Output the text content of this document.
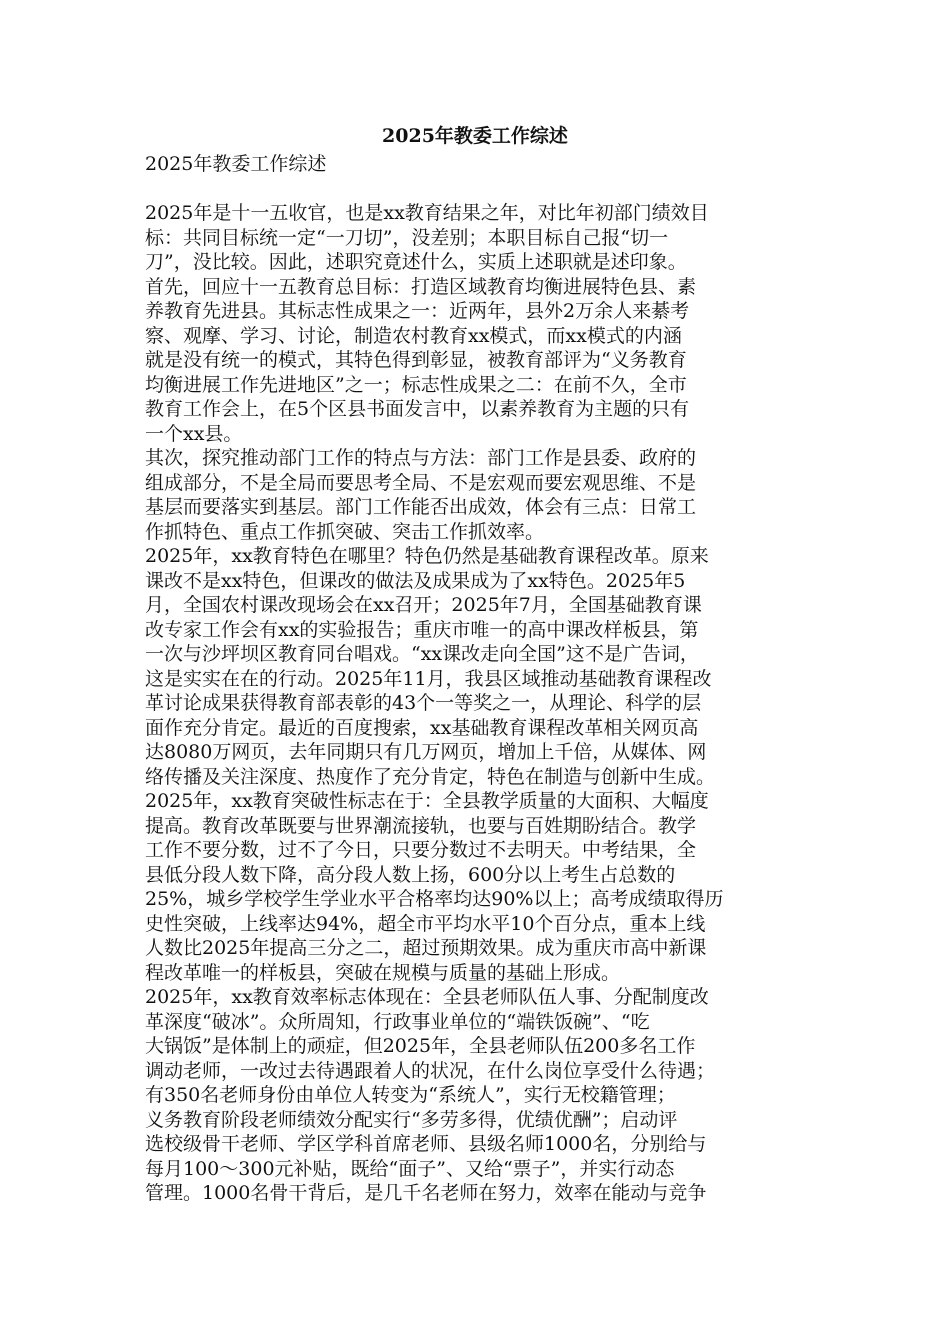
2025年教委工作综述
2025年教委工作综述
2025年是十一五收官，也是xx教育结果之年，对比年初部门绩效目
标：共同目标统一定“一刀切”，没差别；本职目标自己报“切一
刀”，没比较。因此，述职究竟述什么，实质上述职就是述印象。
首先，回应十一五教育总目标：打造区域教育均衡进展特色县、素
养教育先进县。其标志性成果之一：近两年，县外2万余人来綦考
察、观摩、学习、讨论，制造农村教育xx模式，而xx模式的内涵
就是没有统一的模式，其特色得到彰显，被教育部评为“义务教育
均衡进展工作先进地区”之一；标志性成果之二：在前不久，全市
教育工作会上，在5个区县书面发言中，以素养教育为主题的只有
一个xx县。
其次，探究推动部门工作的特点与方法：部门工作是县委、政府的
组成部分，不是全局而要思考全局、不是宏观而要宏观思维、不是
基层而要落实到基层。部门工作能否出成效，体会有三点：日常工
作抓特色、重点工作抓突破、突击工作抓效率。
2025年，xx教育特色在哪里？特色仍然是基础教育课程改革。原来
课改不是xx特色，但课改的做法及成果成为了xx特色。2025年5
月，全国农村课改现场会在xx召开；2025年7月，全国基础教育课
改专家工作会有xx的实验报告；重庆市唯一的高中课改样板县，第
一次与沙坪坝区教育同台唱戏。“xx课改走向全国”这不是广告词，
这是实实在在的行动。2025年11月，我县区域推动基础教育课程改
革讨论成果获得教育部表彰的43个一等奖之一，从理论、科学的层
面作充分肯定。最近的百度搜索，xx基础教育课程改革相关网页高
达8080万网页，去年同期只有几万网页，增加上千倍，从媒体、网
络传播及关注深度、热度作了充分肯定，特色在制造与创新中生成。
2025年，xx教育突破性标志在于：全县教学质量的大面积、大幅度
提高。教育改革既要与世界潮流接轨，也要与百姓期盼结合。教学
工作不要分数，过不了今日，只要分数过不去明天。中考结果，全
县低分段人数下降，高分段人数上扬，600分以上考生占总数的
25%，城乡学校学生学业水平合格率均达90%以上；高考成绩取得历
史性突破，上线率达94%，超全市平均水平10个百分点，重本上线
人数比2025年提高三分之二，超过预期效果。成为重庆市高中新课
程改革唯一的样板县，突破在规模与质量的基础上形成。
2025年，xx教育效率标志体现在：全县老师队伍人事、分配制度改
革深度“破冰”。众所周知，行政事业单位的“端铁饭碗”、“吃
大锅饭”是体制上的顽症，但2025年，全县老师队伍200多名工作
调动老师，一改过去待遇跟着人的状况，在什么岗位享受什么待遇；
有350名老师身份由单位人转变为“系统人”，实行无校籍管理；
义务教育阶段老师绩效分配实行“多劳多得，优绩优酬”；启动评
选校级骨干老师、学区学科首席老师、县级名师1000名，分别给与
每月100～300元补贴，既给“面子”、又给“票子”，并实行动态
管理。1000名骨干背后，是几千名老师在努力，效率在能动与竞争
